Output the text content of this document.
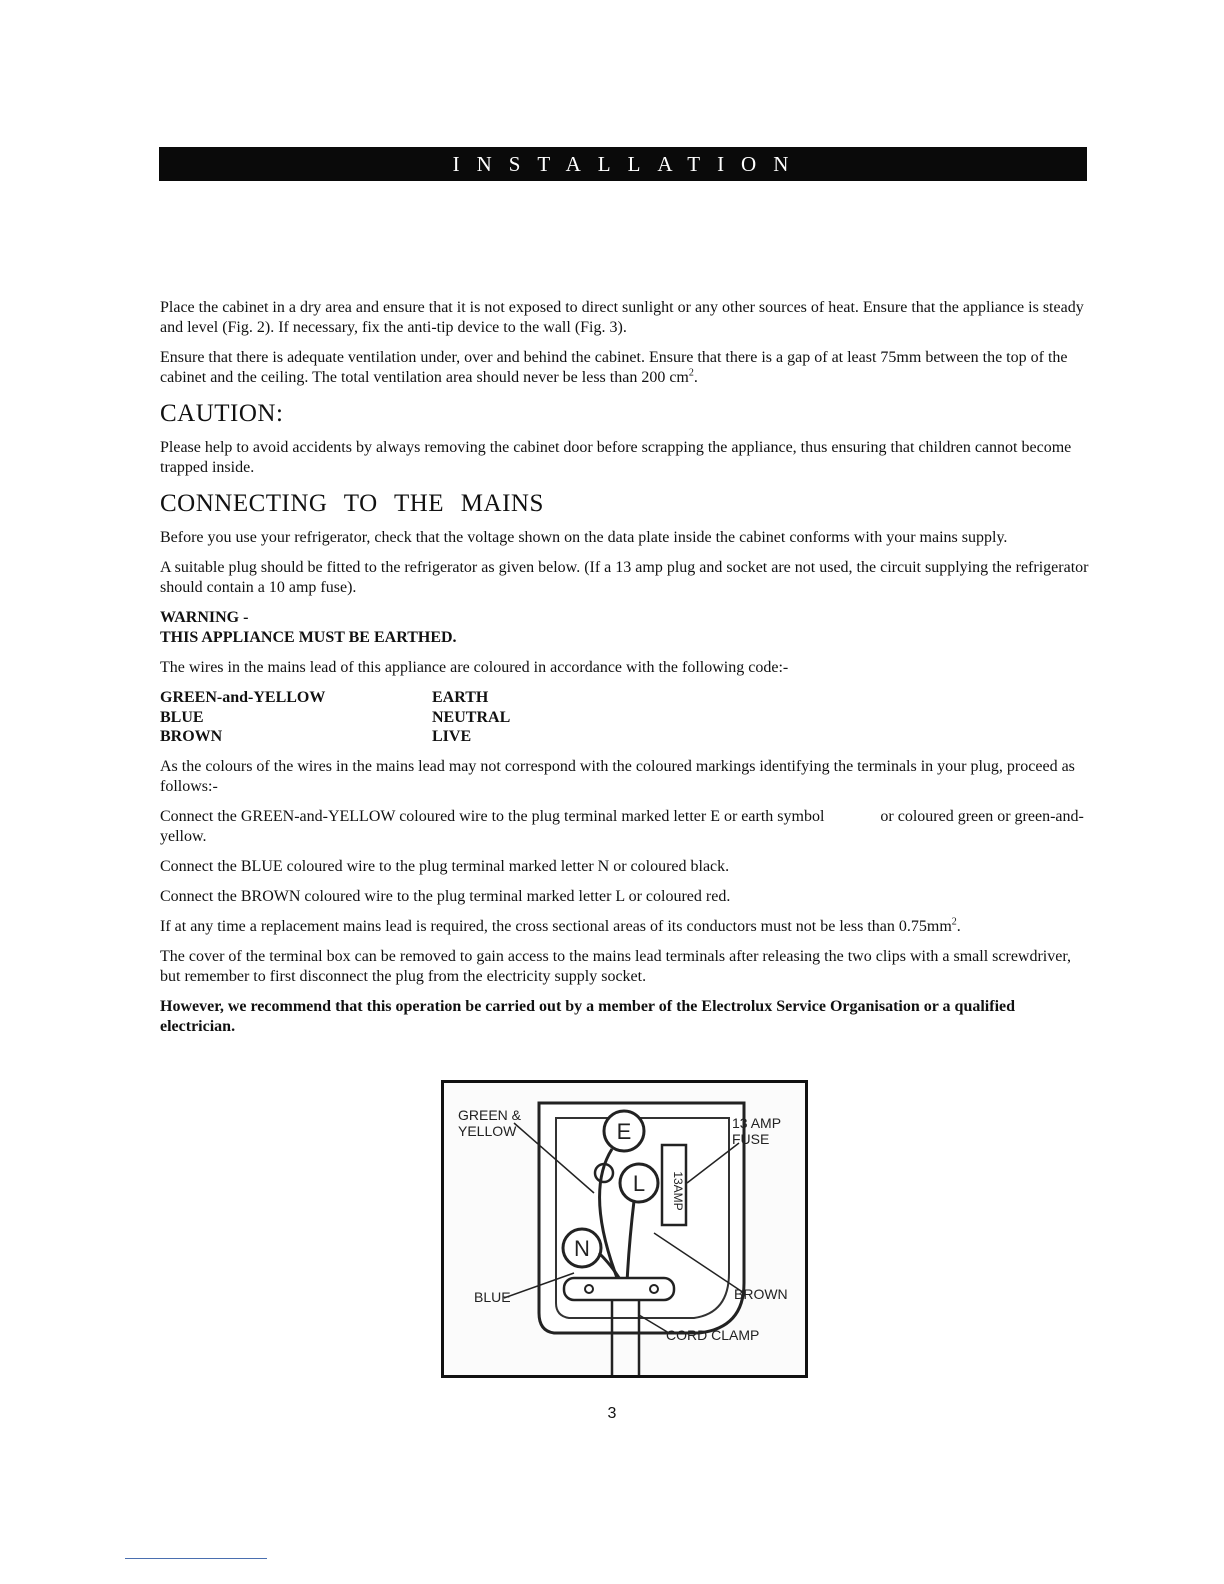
INSTALLATION

Place the cabinet in a dry area and ensure that it is not exposed to direct sunlight or any other sources of heat. Ensure that the appliance is steady and level (Fig. 2). If necessary, fix the anti-tip device to the wall (Fig. 3).

Ensure that there is adequate ventilation under, over and behind the cabinet. Ensure that there is a gap of at least 75mm between the top of the cabinet and the ceiling. The total ventilation area should never be less than 200 $cm^2$.

CAUTION:

Please help to avoid accidents by always removing the cabinet door before scrapping the appliance, thus ensuring that children cannot become trapped inside.

CONNECTING TO THE MAINS

Before you use your refrigerator, check that the voltage shown on the data plate inside the cabinet conforms with your mains supply.

A suitable plug should be fitted to the refrigerator as given below. (If a 13 amp plug and socket are not used, the circuit supplying the refrigerator should contain a 10 amp fuse).

WARNING -
THIS APPLIANCE MUST BE EARTHED.

The wires in the mains lead of this appliance are coloured in accordance with the following code:-

GREEN-and-YELLOW	EARTH
BLUE	NEUTRAL
BROWN	LIVE

As the colours of the wires in the mains lead may not correspond with the coloured markings identifying the terminals in your plug, proceed as follows:-

Connect the GREEN-and-YELLOW coloured wire to the plug terminal marked letter E or earth symbol     or coloured green or green-and-yellow.

Connect the BLUE coloured wire to the plug terminal marked letter N or coloured black.

Connect the BROWN coloured wire to the plug terminal marked letter L or coloured red.

If at any time a replacement mains lead is required, the cross sectional areas of its conductors must not be less than $0.75mm^2$.

The cover of the terminal box can be removed to gain access to the mains lead terminals after releasing the two clips with a small screwdriver, but remember to first disconnect the plug from the electricity supply socket.

However, we recommend that this operation be carried out by a member of the Electrolux Service Organisation or a qualified electrician.

13AMP
E
L
N
GREEN &
YELLOW	13 AMP
FUSE
BLUE	BROWN
CORD CLAMP
3
